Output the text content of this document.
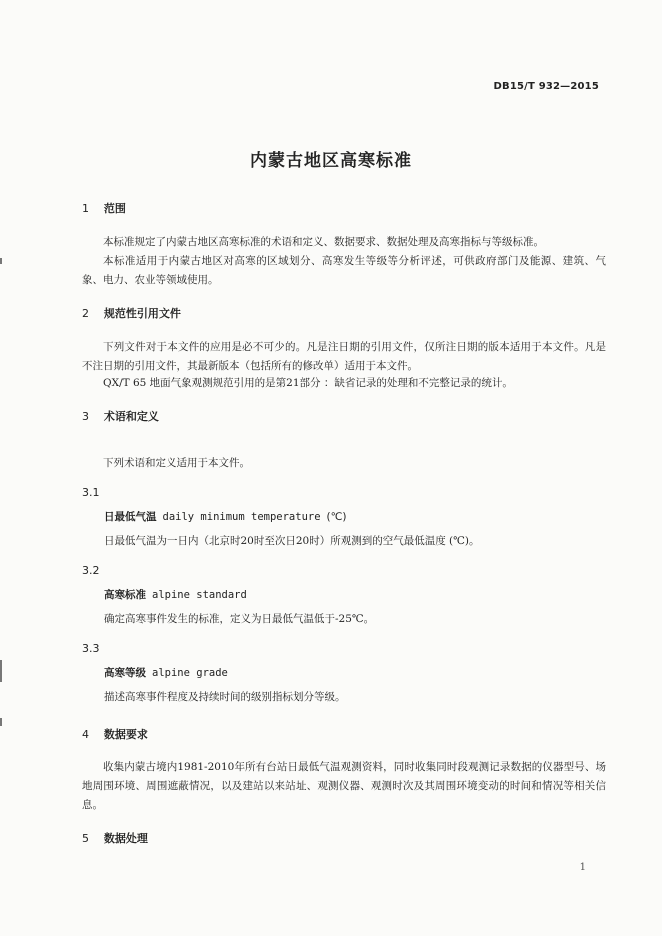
DB15/T 932—2015
内蒙古地区高寒标准
1 范围
本标准规定了内蒙古地区高寒标准的术语和定义、数据要求、数据处理及高寒指标与等级标准。
本标准适用于内蒙古地区对高寒的区域划分、高寒发生等级等分析评述，可供政府部门及能源、建筑、气象、电力、农业等领域使用。
2 规范性引用文件
下列文件对于本文件的应用是必不可少的。凡是注日期的引用文件，仅所注日期的版本适用于本文件。凡是不注日期的引用文件，其最新版本（包括所有的修改单）适用于本文件。
QX/T 65 地面气象观测规范引用的是第21部分 ：缺省记录的处理和不完整记录的统计。
3 术语和定义
下列术语和定义适用于本文件。
3.1
日最低气温 daily minimum temperature (℃)
日最低气温为一日内（北京时20时至次日20时）所观测到的空气最低温度 (℃)。
3.2
高寒标准 alpine standard
确定高寒事件发生的标准，定义为日最低气温低于-25℃。
3.3
高寒等级 alpine grade
描述高寒事件程度及持续时间的级别指标划分等级。
4 数据要求
收集内蒙古境内1981-2010年所有台站日最低气温观测资料，同时收集同时段观测记录数据的仪器型号、场地周围环境、周围遮蔽情况，以及建站以来站址、观测仪器、观测时次及其周围环境变动的时间和情况等相关信息。
5 数据处理
1
